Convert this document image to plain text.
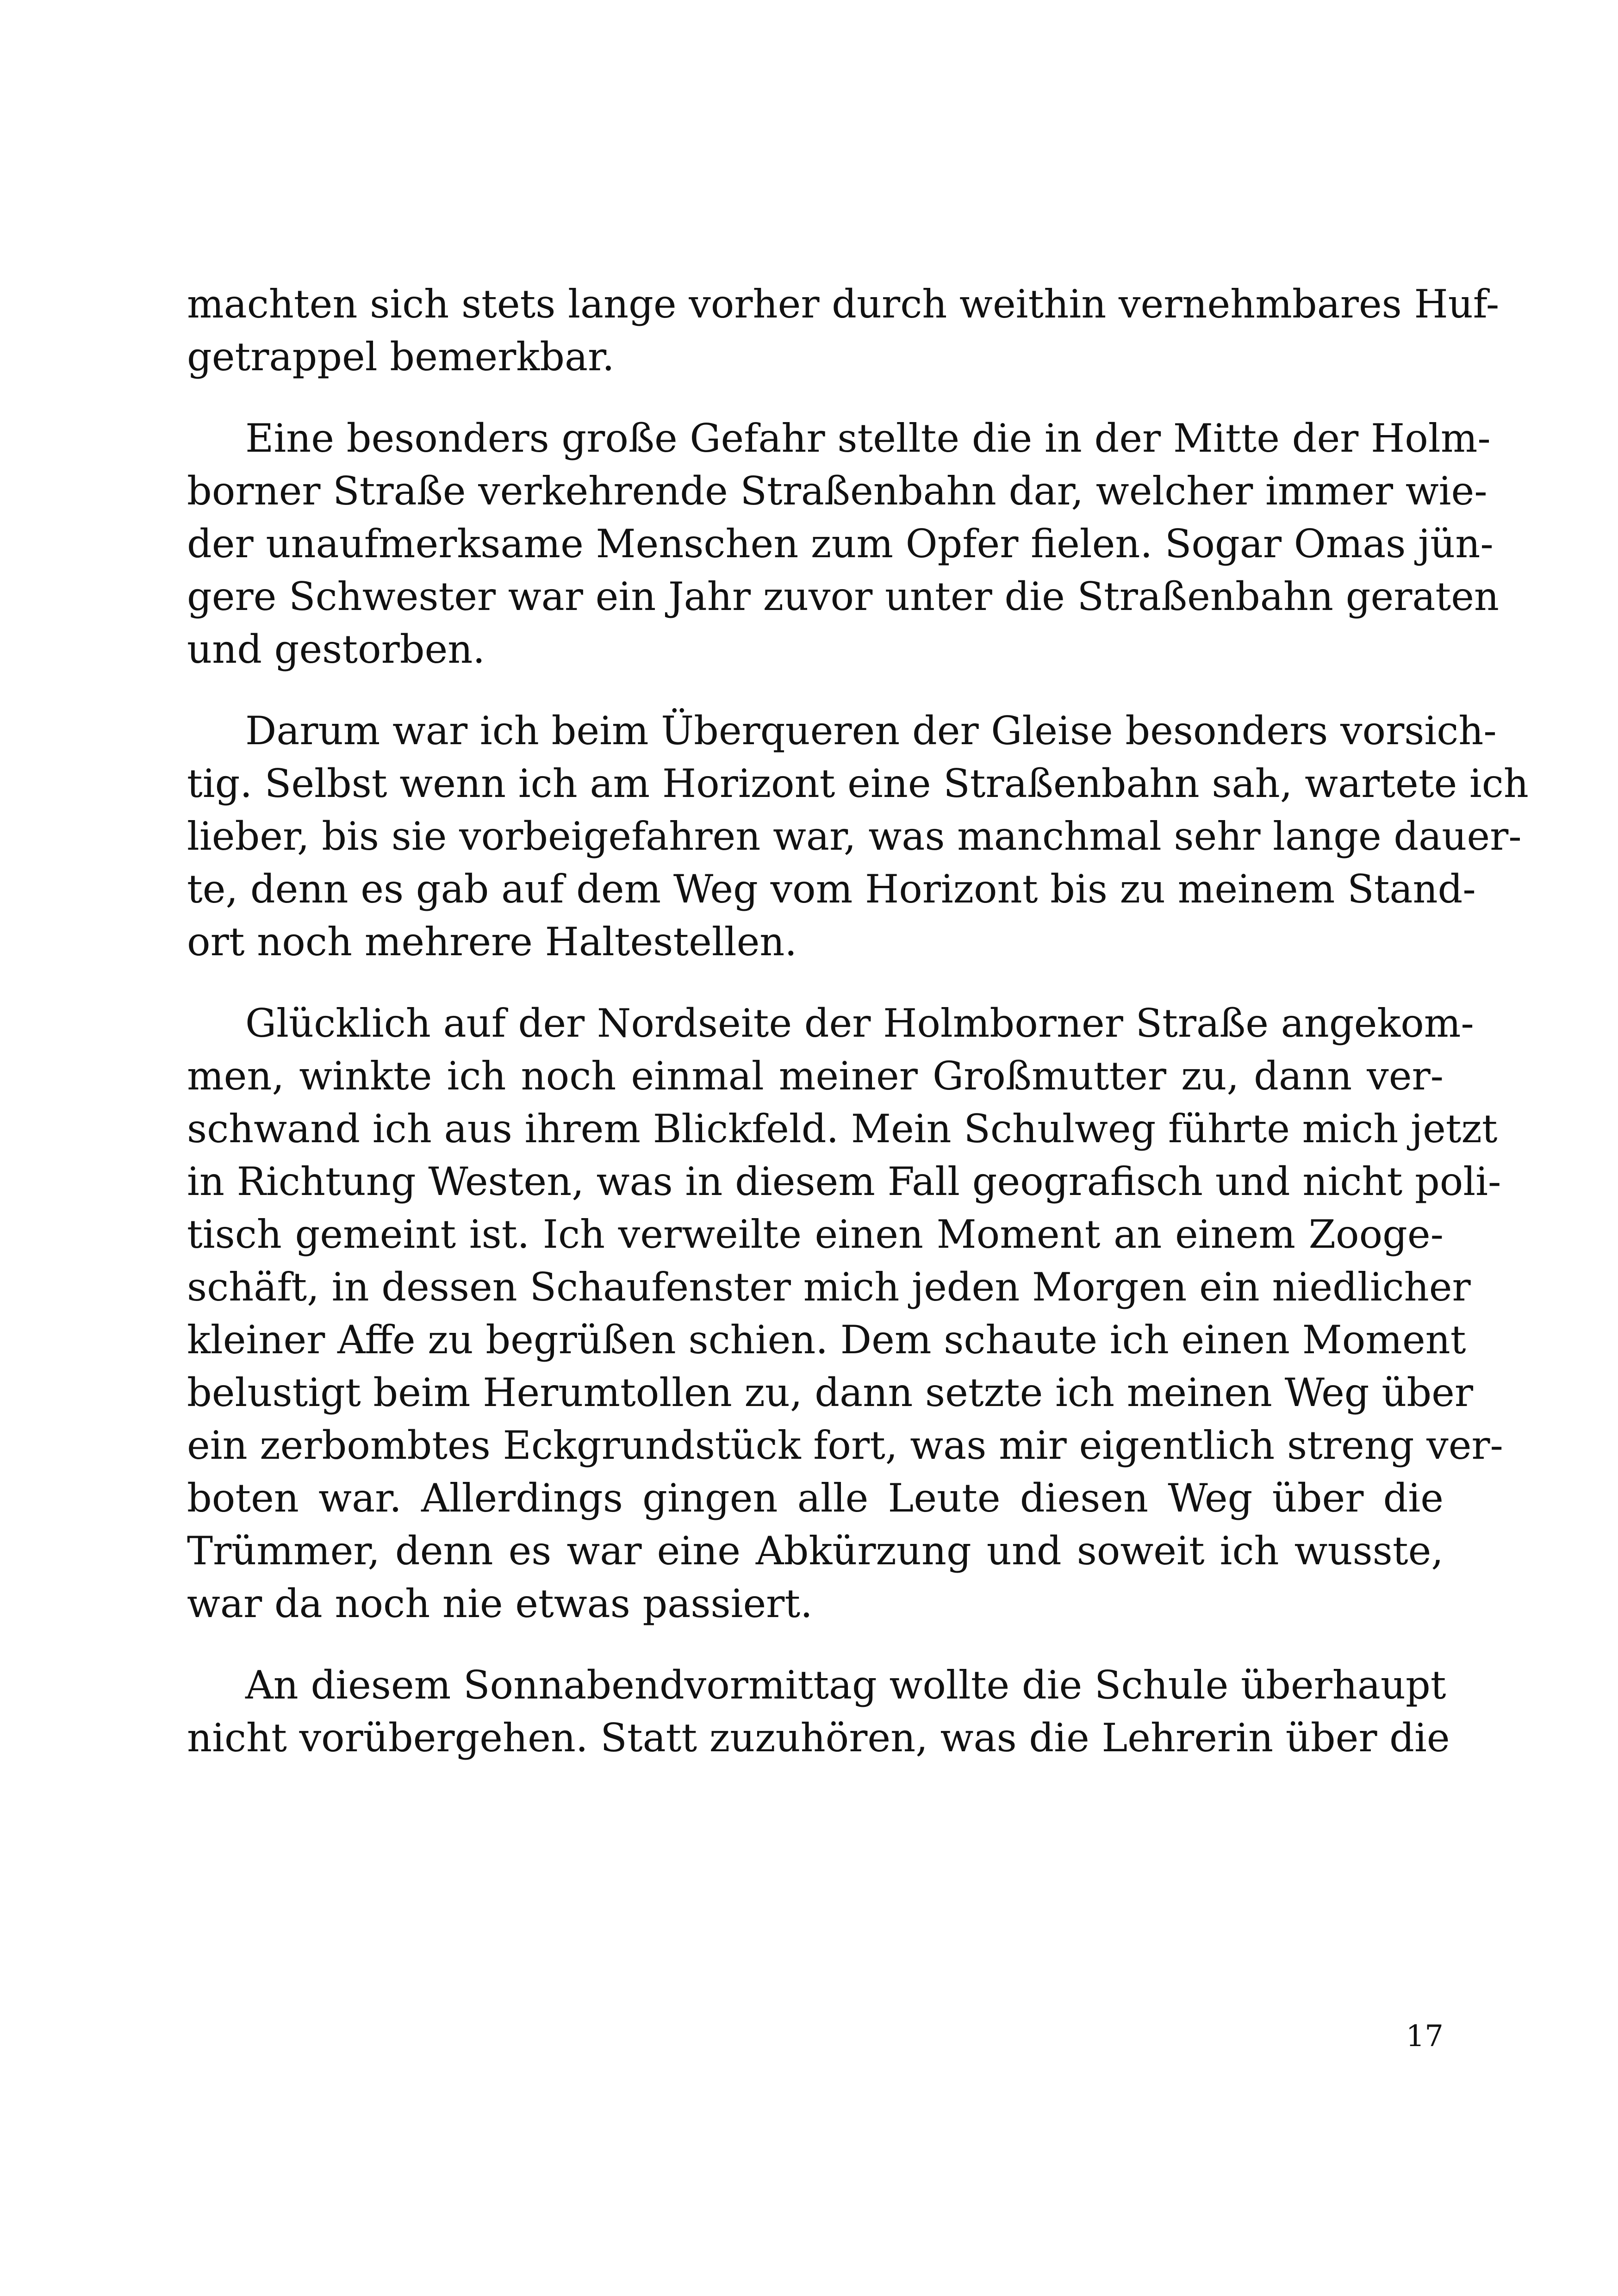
machten sich stets lange vorher durch weithin vernehmbares Huf-
getrappel bemerkbar.
Eine besonders große Gefahr stellte die in der Mitte der Holm-
borner Straße verkehrende Straßenbahn dar, welcher immer wie-
der unaufmerksame Menschen zum Opfer fielen. Sogar Omas jün-
gere Schwester war ein Jahr zuvor unter die Straßenbahn geraten
und gestorben.
Darum war ich beim Überqueren der Gleise besonders vorsich-
tig. Selbst wenn ich am Horizont eine Straßenbahn sah, wartete ich
lieber, bis sie vorbeigefahren war, was manchmal sehr lange dauer-
te, denn es gab auf dem Weg vom Horizont bis zu meinem Stand-
ort noch mehrere Haltestellen.
Glücklich auf der Nordseite der Holmborner Straße angekom-
men, winkte ich noch einmal meiner Großmutter zu, dann ver-
schwand ich aus ihrem Blickfeld. Mein Schulweg führte mich jetzt
in Richtung Westen, was in diesem Fall geografisch und nicht poli-
tisch gemeint ist. Ich verweilte einen Moment an einem Zooge-
schäft, in dessen Schaufenster mich jeden Morgen ein niedlicher
kleiner Affe zu begrüßen schien. Dem schaute ich einen Moment
belustigt beim Herumtollen zu, dann setzte ich meinen Weg über
ein zerbombtes Eckgrundstück fort, was mir eigentlich streng ver-
boten war. Allerdings gingen alle Leute diesen Weg über die
Trümmer, denn es war eine Abkürzung und soweit ich wusste,
war da noch nie etwas passiert.
An diesem Sonnabendvormittag wollte die Schule überhaupt
nicht vorübergehen. Statt zuzuhören, was die Lehrerin über die
17
